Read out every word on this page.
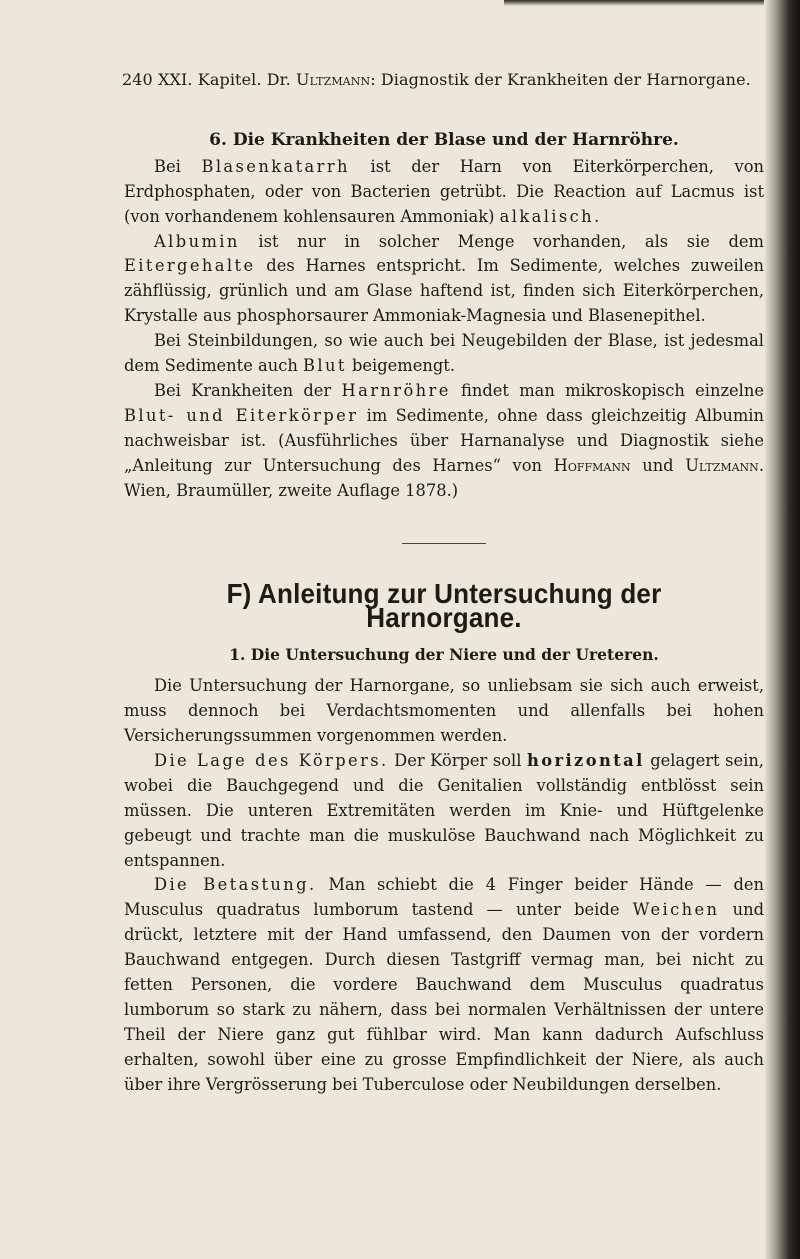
240 XXI. Kapitel. Dr. Ultzmann: Diagnostik der Krankheiten der Harnorgane.
6. Die Krankheiten der Blase und der Harnröhre.

Bei Blasenkatarrh ist der Harn von Eiterkörperchen, von Erdphosphaten, oder von Bacterien getrübt. Die Reaction auf Lacmus ist (von vorhandenem kohlensauren Ammoniak) alkalisch.

Albumin ist nur in solcher Menge vorhanden, als sie dem Eitergehalte des Harnes entspricht. Im Sedimente, welches zuweilen zähflüssig, grünlich und am Glase haftend ist, finden sich Eiterkörperchen, Krystalle aus phosphorsaurer Ammoniak-Magnesia und Blasenepithel.

Bei Steinbildungen, so wie auch bei Neugebilden der Blase, ist jedesmal dem Sedimente auch Blut beigemengt.

Bei Krankheiten der Harnröhre findet man mikroskopisch einzelne Blut- und Eiterkörper im Sedimente, ohne dass gleichzeitig Albumin nachweisbar ist. (Ausführliches über Harnanalyse und Diagnostik siehe „Anleitung zur Untersuchung des Harnes“ von Hoffmann und Ultzmann. Wien, Braumüller, zweite Auflage 1878.)

F) Anleitung zur Untersuchung der Harnorgane.
1. Die Untersuchung der Niere und der Ureteren.

Die Untersuchung der Harnorgane, so unliebsam sie sich auch erweist, muss dennoch bei Verdachtsmomenten und allenfalls bei hohen Versicherungssummen vorgenommen werden.

Die Lage des Körpers. Der Körper soll horizontal gelagert sein, wobei die Bauchgegend und die Genitalien vollständig entblösst sein müssen. Die unteren Extremitäten werden im Knie- und Hüftgelenke gebeugt und trachte man die muskulöse Bauchwand nach Möglichkeit zu entspannen.

Die Betastung. Man schiebt die 4 Finger beider Hände — den Musculus quadratus lumborum tastend — unter beide Weichen und drückt, letztere mit der Hand umfassend, den Daumen von der vordern Bauchwand entgegen. Durch diesen Tastgriff vermag man, bei nicht zu fetten Personen, die vordere Bauchwand dem Musculus quadratus lumborum so stark zu nähern, dass bei normalen Verhältnissen der untere Theil der Niere ganz gut fühlbar wird. Man kann dadurch Aufschluss erhalten, sowohl über eine zu grosse Empfindlichkeit der Niere, als auch über ihre Vergrösserung bei Tuberculose oder Neubildungen derselben.
